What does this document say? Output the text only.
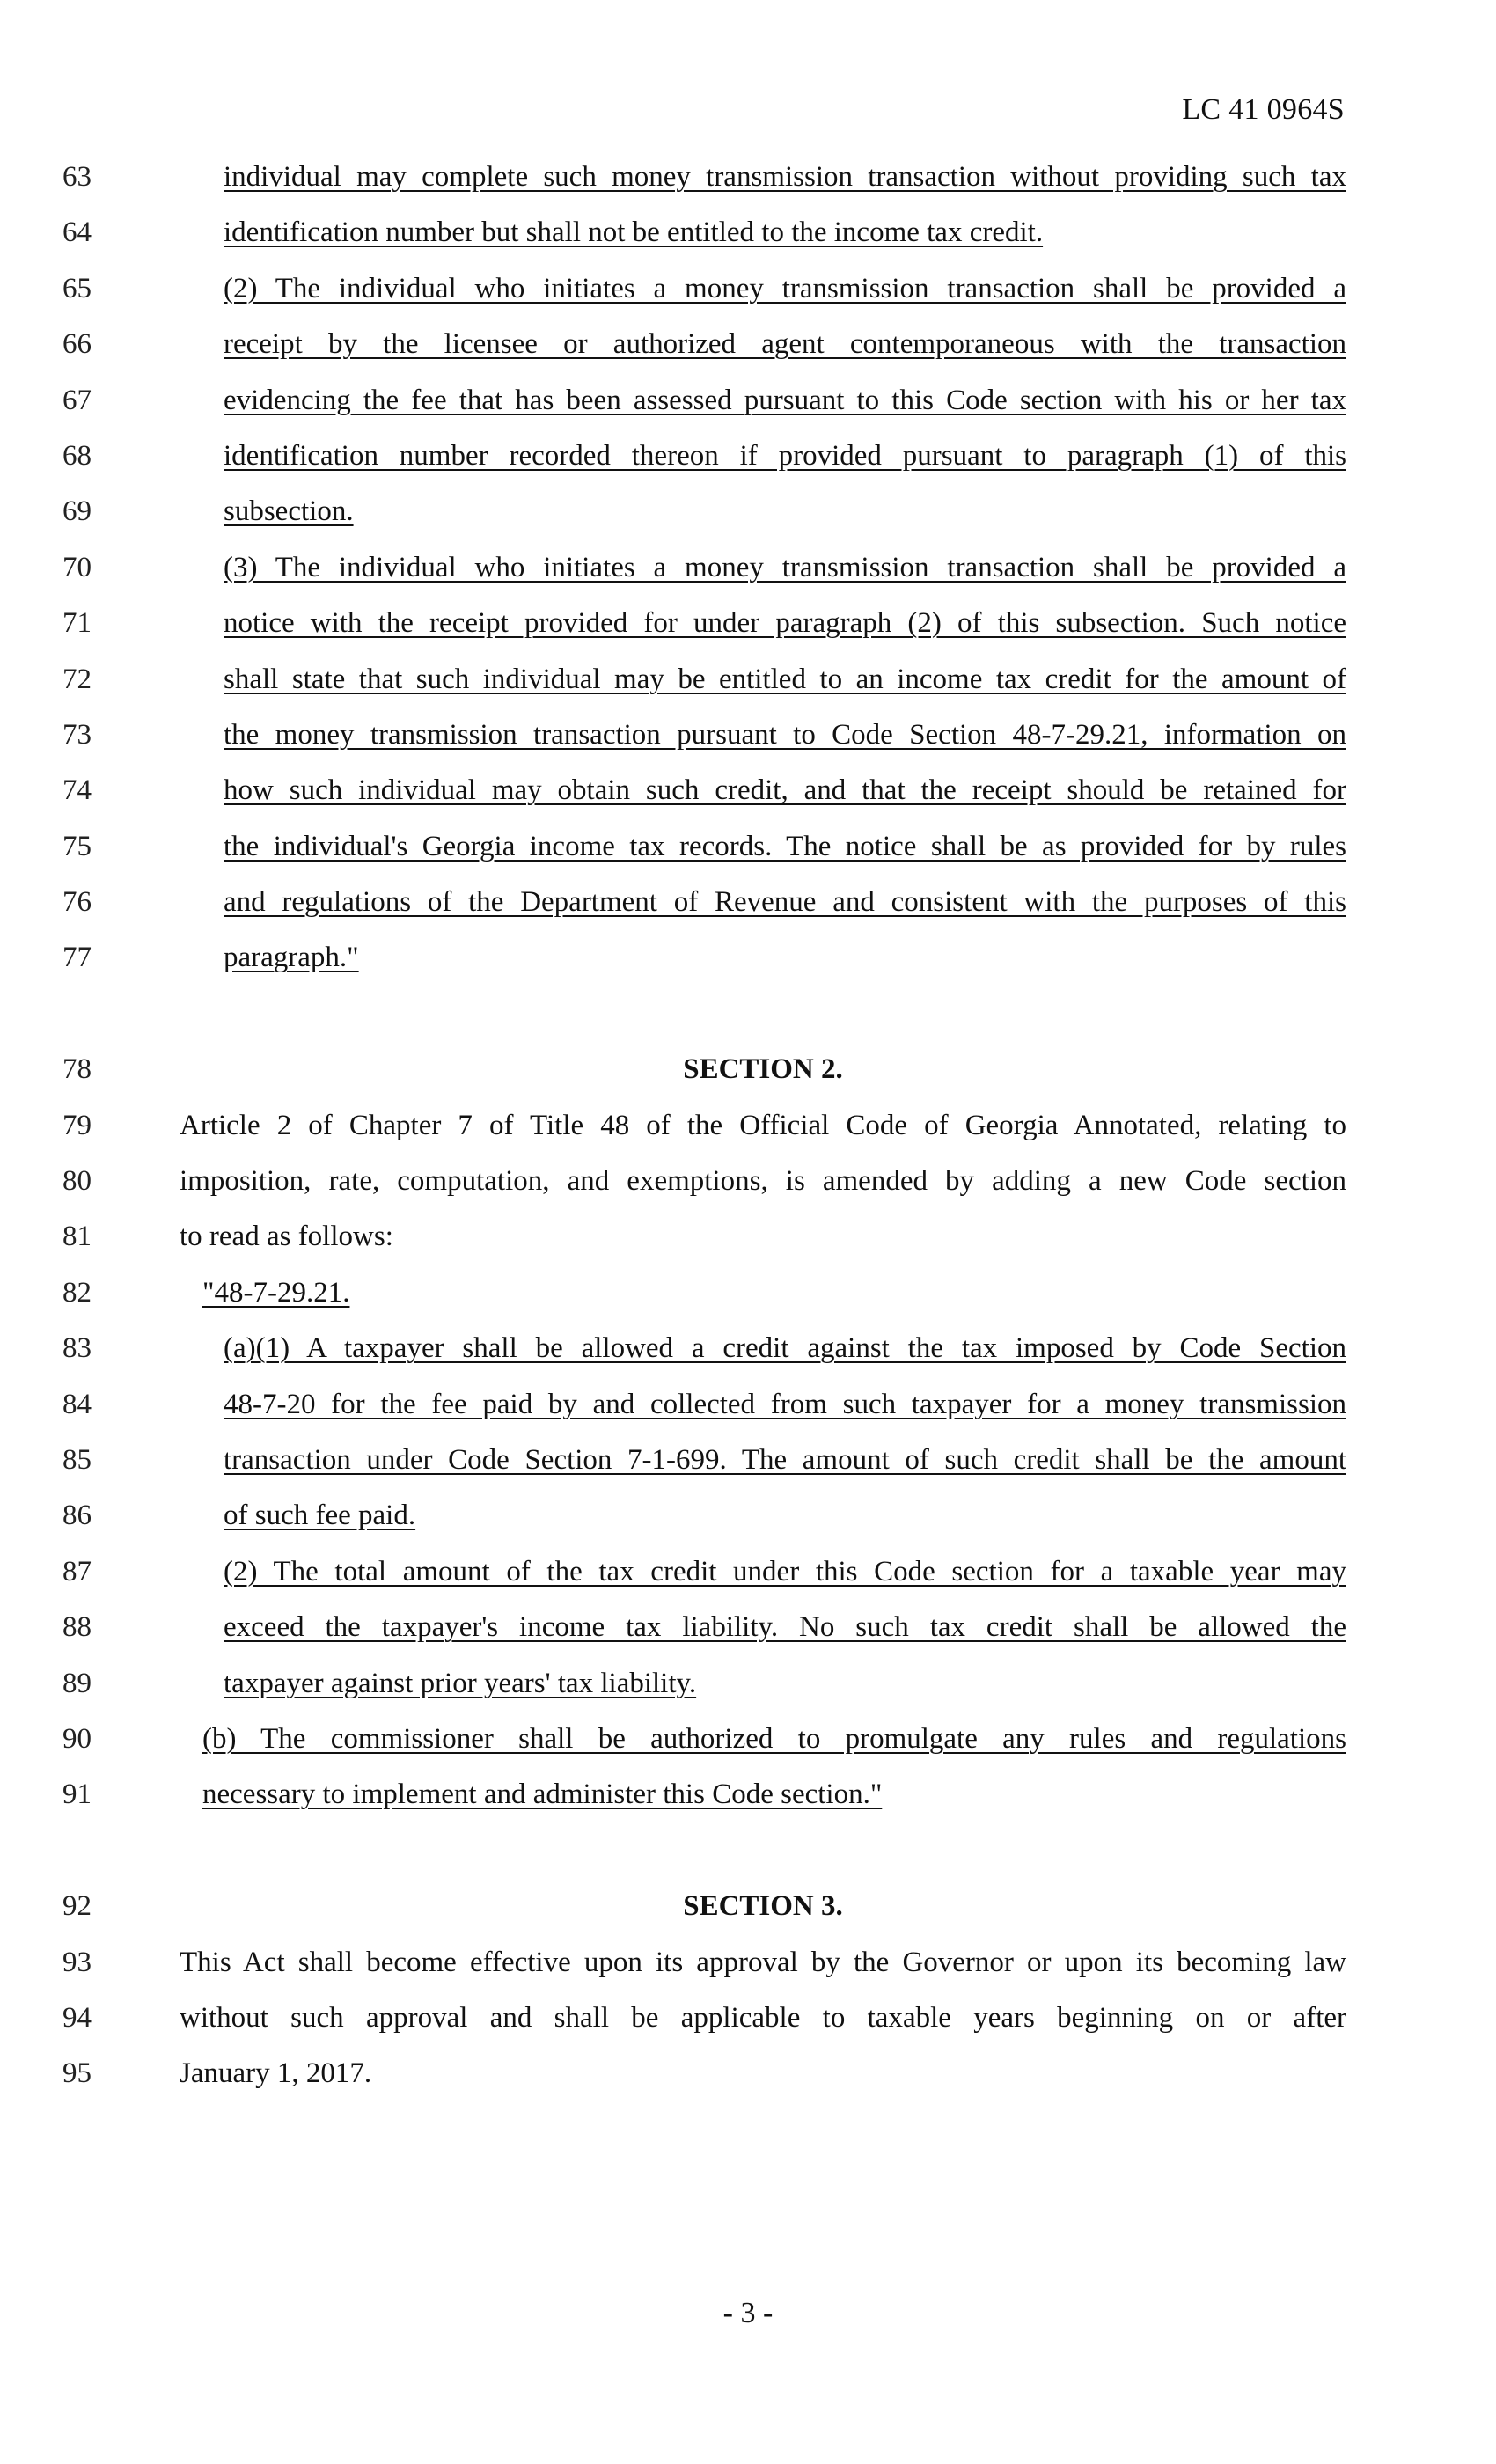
LC 41 0964S
63	individual may complete such money transmission transaction without providing such tax
64	identification number but shall not be entitled to the income tax credit.
65	(2) The individual who initiates a money transmission transaction shall be provided a
66	receipt by the licensee or authorized agent contemporaneous with the transaction
67	evidencing the fee that has been assessed pursuant to this Code section with his or her tax
68	identification number recorded thereon if provided pursuant to paragraph (1) of this
69	subsection.
70	(3) The individual who initiates a money transmission transaction shall be provided a
71	notice with the receipt provided for under paragraph (2) of this subsection. Such notice
72	shall state that such individual may be entitled to an income tax credit for the amount of
73	the money transmission transaction pursuant to Code Section 48-7-29.21, information on
74	how such individual may obtain such credit, and that the receipt should be retained for
75	the individual's Georgia income tax records. The notice shall be as provided for by rules
76	and regulations of the Department of Revenue and consistent with the purposes of this
77	paragraph."
78	SECTION 2.
79	Article 2 of Chapter 7 of Title 48 of the Official Code of Georgia Annotated, relating to
80	imposition, rate, computation, and exemptions, is amended by adding a new Code section
81	to read as follows:
82	"48-7-29.21.
83	(a)(1) A taxpayer shall be allowed a credit against the tax imposed by Code Section
84	48-7-20 for the fee paid by and collected from such taxpayer for a money transmission
85	transaction under Code Section 7-1-699. The amount of such credit shall be the amount
86	of such fee paid.
87	(2) The total amount of the tax credit under this Code section for a taxable year may
88	exceed the taxpayer's income tax liability. No such tax credit shall be allowed the
89	taxpayer against prior years' tax liability.
90	(b) The commissioner shall be authorized to promulgate any rules and regulations
91	necessary to implement and administer this Code section."
92	SECTION 3.
93	This Act shall become effective upon its approval by the Governor or upon its becoming law
94	without such approval and shall be applicable to taxable years beginning on or after
95	January 1, 2017.
- 3 -
